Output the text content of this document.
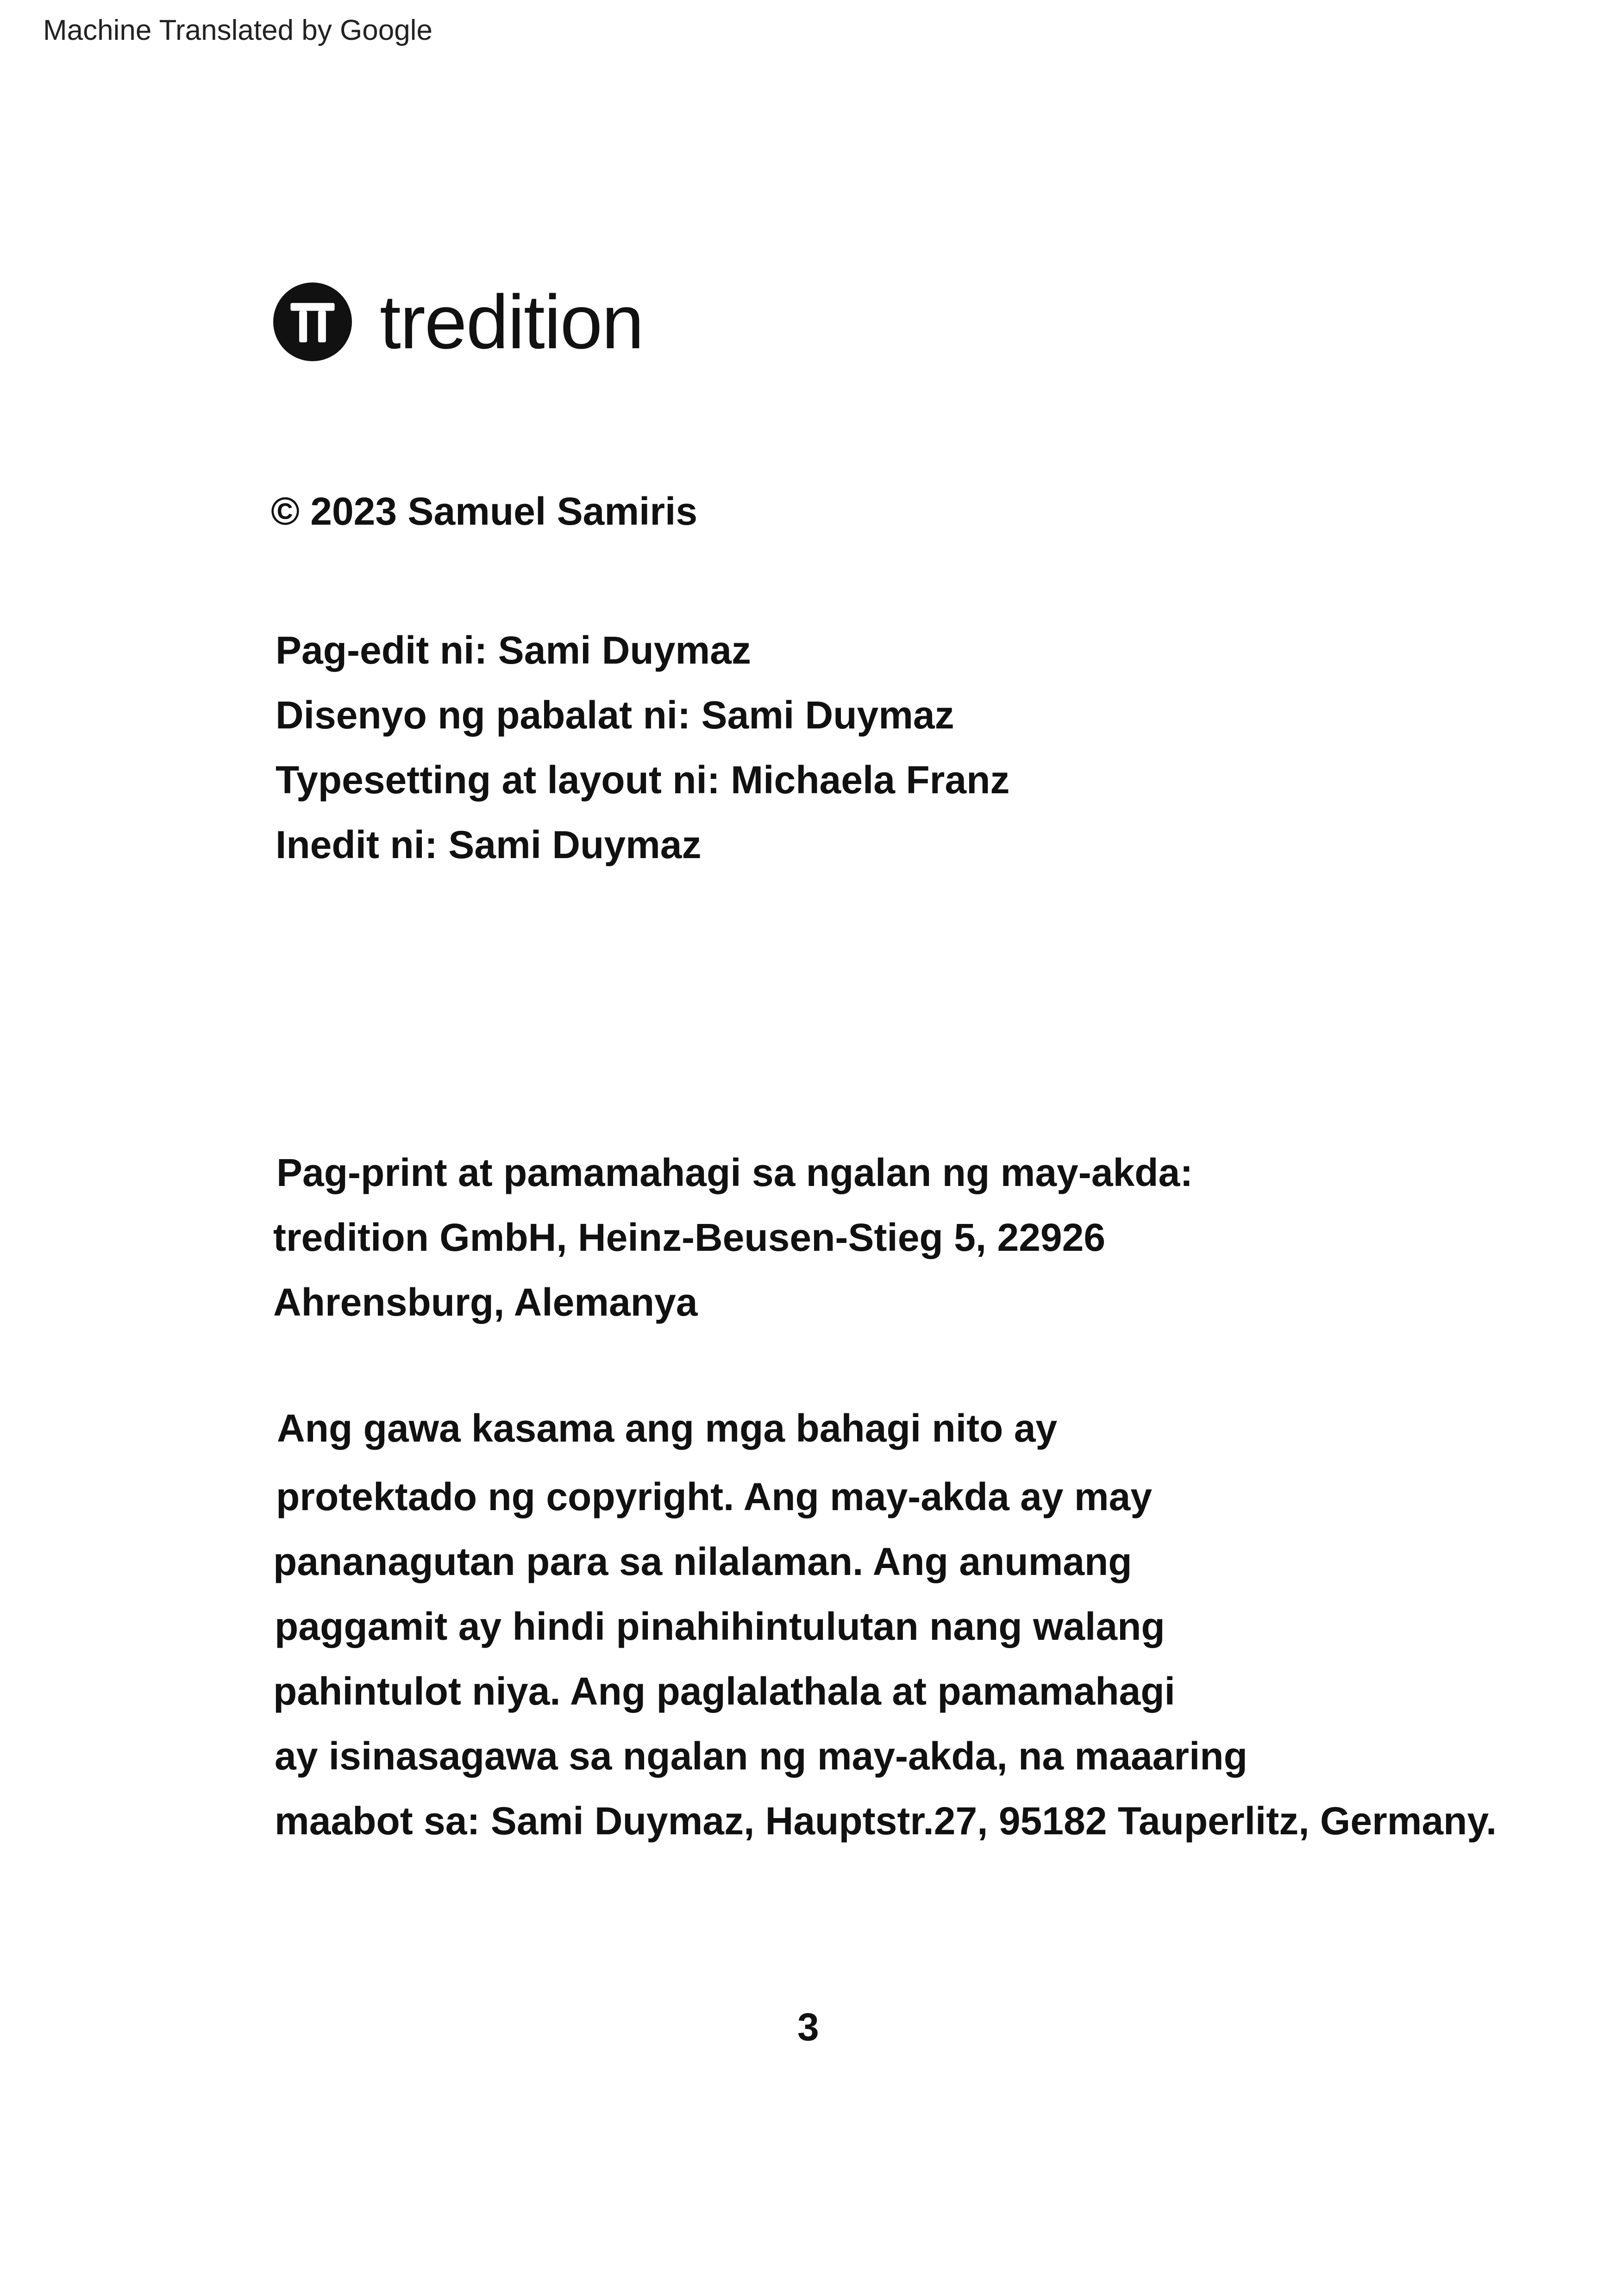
Machine Translated by Google
tredition
© 2023 Samuel Samiris
Pag-edit ni: Sami Duymaz
Disenyo ng pabalat ni: Sami Duymaz
Typesetting at layout ni: Michaela Franz
Inedit ni: Sami Duymaz
Pag-print at pamamahagi sa ngalan ng may-akda:
tredition GmbH, Heinz-Beusen-Stieg 5, 22926
Ahrensburg, Alemanya
Ang gawa kasama ang mga bahagi nito ay
protektado ng copyright. Ang may-akda ay may
pananagutan para sa nilalaman. Ang anumang
paggamit ay hindi pinahihintulutan nang walang
pahintulot niya. Ang paglalathala at pamamahagi
ay isinasagawa sa ngalan ng may-akda, na maaaring
maabot sa: Sami Duymaz, Hauptstr.27, 95182 Tauperlitz, Germany.
3
